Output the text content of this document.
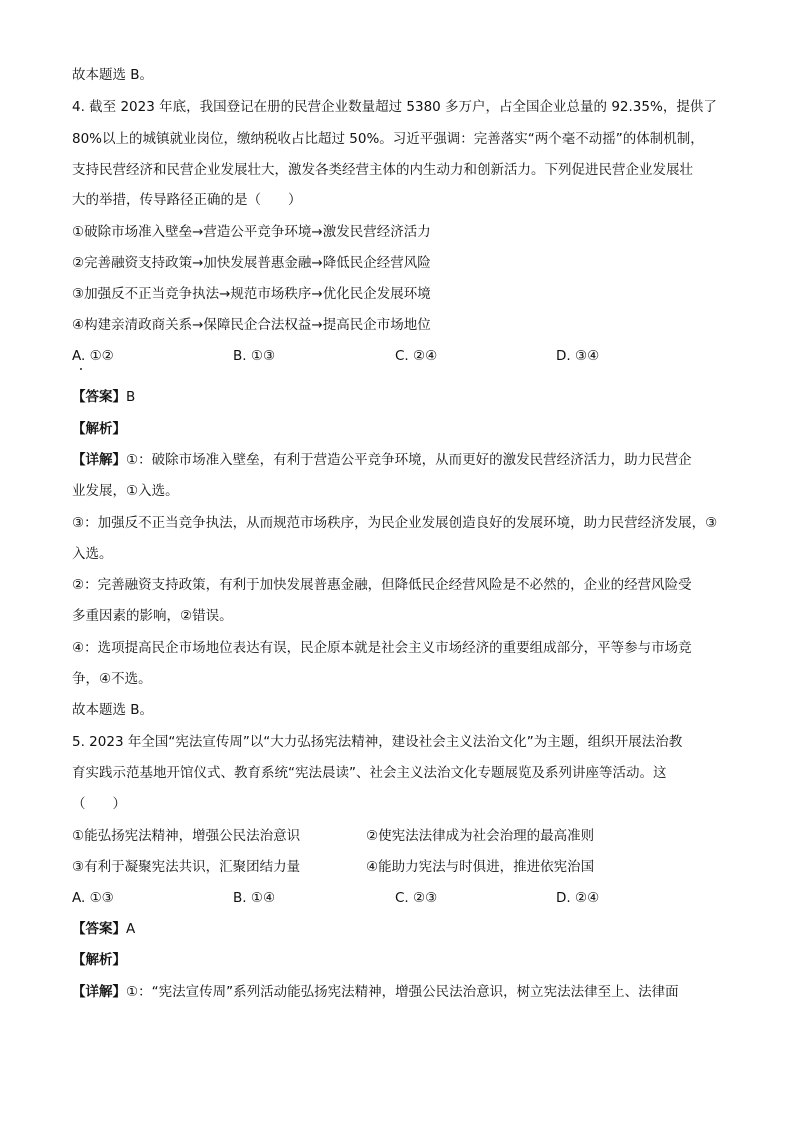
故本题选 B。
4. 截至 2023 年底，我国登记在册的民营企业数量超过 5380 多万户，占全国企业总量的 92.35%，提供了
80%以上的城镇就业岗位，缴纳税收占比超过 50%。习近平强调：完善落实“两个毫不动摇”的体制机制，
支持民营经济和民营企业发展壮大，激发各类经营主体的内生动力和创新活力。下列促进民营企业发展壮
大的举措，传导路径正确的是（　　）
①破除市场准入壁垒→营造公平竞争环境→激发民营经济活力
②完善融资支持政策→加快发展普惠金融→降低民企经营风险
③加强反不正当竞争执法→规范市场秩序→优化民企发展环境
④构建亲清政商关系→保障民企合法权益→提高民企市场地位
A. ①②	B. ①③	C. ②④	D. ③④
【答案】B
【解析】
【详解】①：破除市场准入壁垒，有利于营造公平竞争环境，从而更好的激发民营经济活力，助力民营企
业发展，①入选。
③：加强反不正当竞争执法，从而规范市场秩序，为民企业发展创造良好的发展环境，助力民营经济发展，③
入选。
②：完善融资支持政策，有利于加快发展普惠金融，但降低民企经营风险是不必然的，企业的经营风险受
多重因素的影响，②错误。
④：选项提高民企市场地位表达有误，民企原本就是社会主义市场经济的重要组成部分，平等参与市场竞
争，④不选。
故本题选 B。
5. 2023 年全国“宪法宣传周”以“大力弘扬宪法精神，建设社会主义法治文化”为主题，组织开展法治教
育实践示范基地开馆仪式、教育系统“宪法晨读”、社会主义法治文化专题展览及系列讲座等活动。这
（　　）
①能弘扬宪法精神，增强公民法治意识	②使宪法法律成为社会治理的最高准则
③有利于凝聚宪法共识，汇聚团结力量	④能助力宪法与时俱进，推进依宪治国
A. ①③	B. ①④	C. ②③	D. ②④
【答案】A
【解析】
【详解】①：“宪法宣传周”系列活动能弘扬宪法精神，增强公民法治意识，树立宪法法律至上、法律面
